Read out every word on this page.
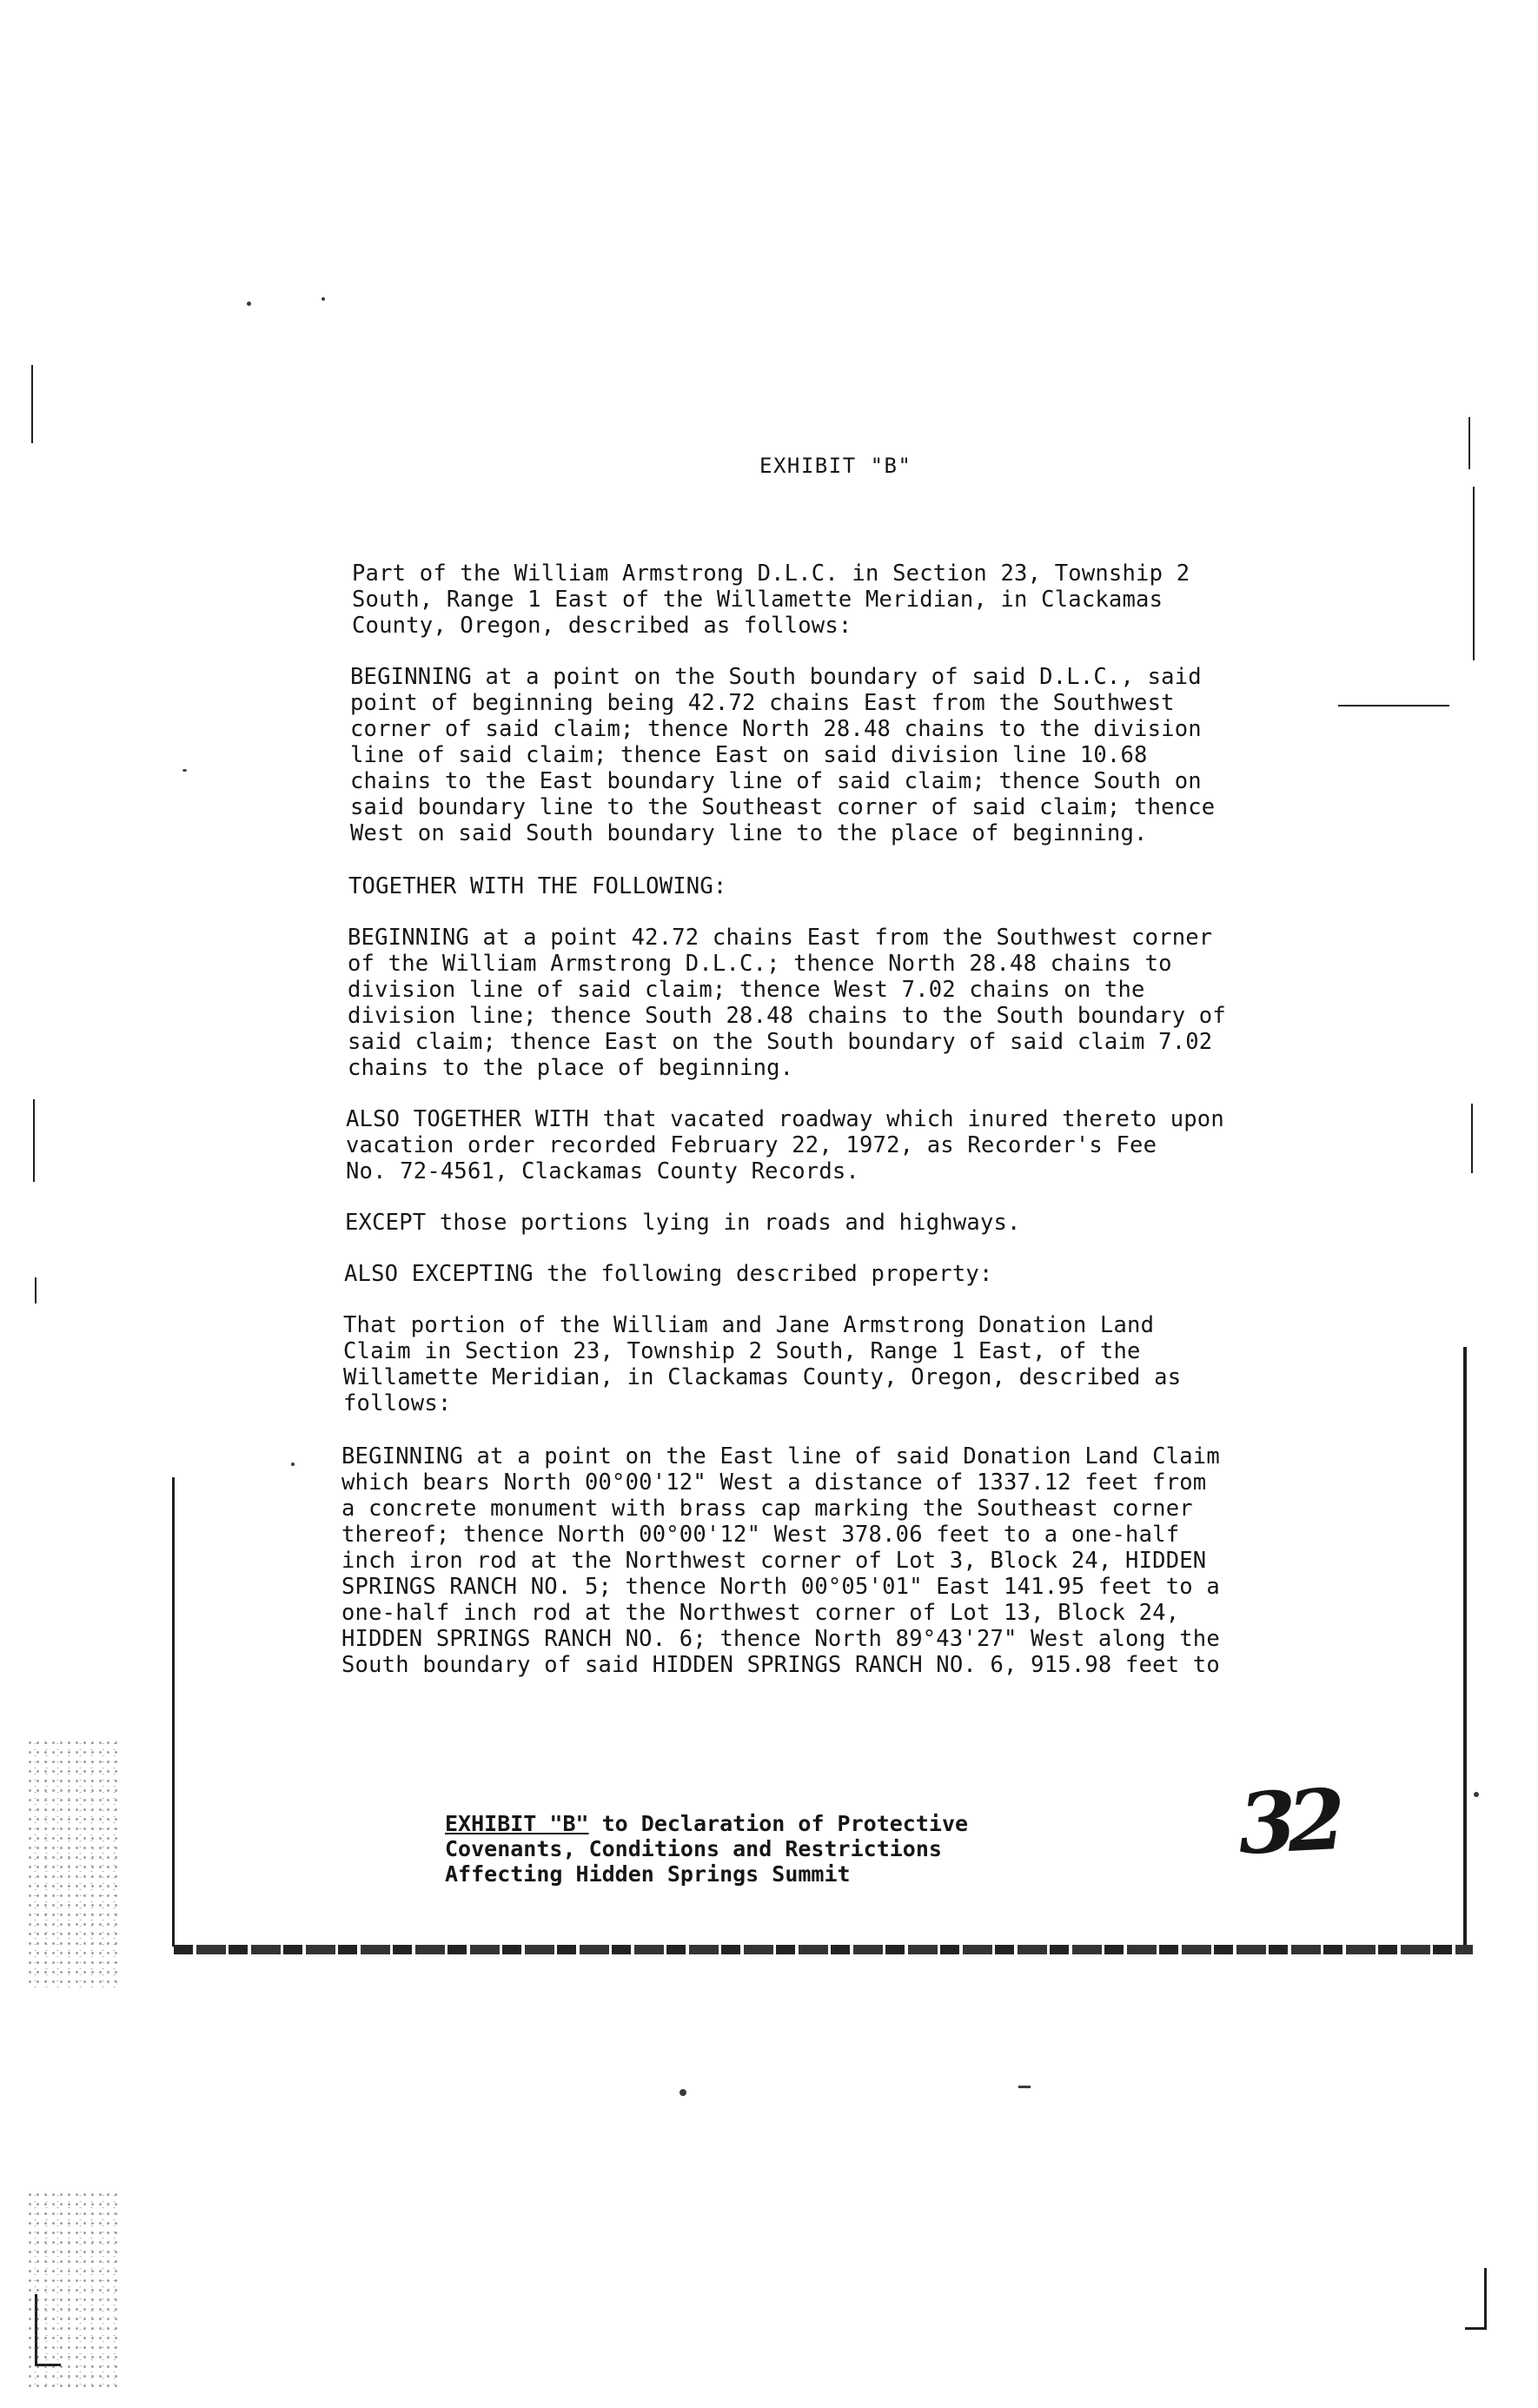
EXHIBIT "B"
Part of the William Armstrong D.L.C. in Section 23, Township 2
South, Range 1 East of the Willamette Meridian, in Clackamas
County, Oregon, described as follows:
BEGINNING at a point on the South boundary of said D.L.C., said
point of beginning being 42.72 chains East from the Southwest
corner of said claim; thence North 28.48 chains to the division
line of said claim; thence East on said division line 10.68
chains to the East boundary line of said claim; thence South on
said boundary line to the Southeast corner of said claim; thence
West on said South boundary line to the place of beginning.
TOGETHER WITH THE FOLLOWING:
BEGINNING at a point 42.72 chains East from the Southwest corner
of the William Armstrong D.L.C.; thence North 28.48 chains to
division line of said claim; thence West 7.02 chains on the
division line; thence South 28.48 chains to the South boundary of
said claim; thence East on the South boundary of said claim 7.02
chains to the place of beginning.
ALSO TOGETHER WITH that vacated roadway which inured thereto upon
vacation order recorded February 22, 1972, as Recorder's Fee
No. 72-4561, Clackamas County Records.
EXCEPT those portions lying in roads and highways.
ALSO EXCEPTING the following described property:
That portion of the William and Jane Armstrong Donation Land
Claim in Section 23, Township 2 South, Range 1 East, of the
Willamette Meridian, in Clackamas County, Oregon, described as
follows:
BEGINNING at a point on the East line of said Donation Land Claim
which bears North 00°00'12" West a distance of 1337.12 feet from
a concrete monument with brass cap marking the Southeast corner
thereof; thence North 00°00'12" West 378.06 feet to a one-half
inch iron rod at the Northwest corner of Lot 3, Block 24, HIDDEN
SPRINGS RANCH NO. 5; thence North 00°05'01" East 141.95 feet to a
one-half inch rod at the Northwest corner of Lot 13, Block 24,
HIDDEN SPRINGS RANCH NO. 6; thence North 89°43'27" West along the
South boundary of said HIDDEN SPRINGS RANCH NO. 6, 915.98 feet to
EXHIBIT "B" to Declaration of Protective
Covenants, Conditions and Restrictions
Affecting Hidden Springs Summit
32
